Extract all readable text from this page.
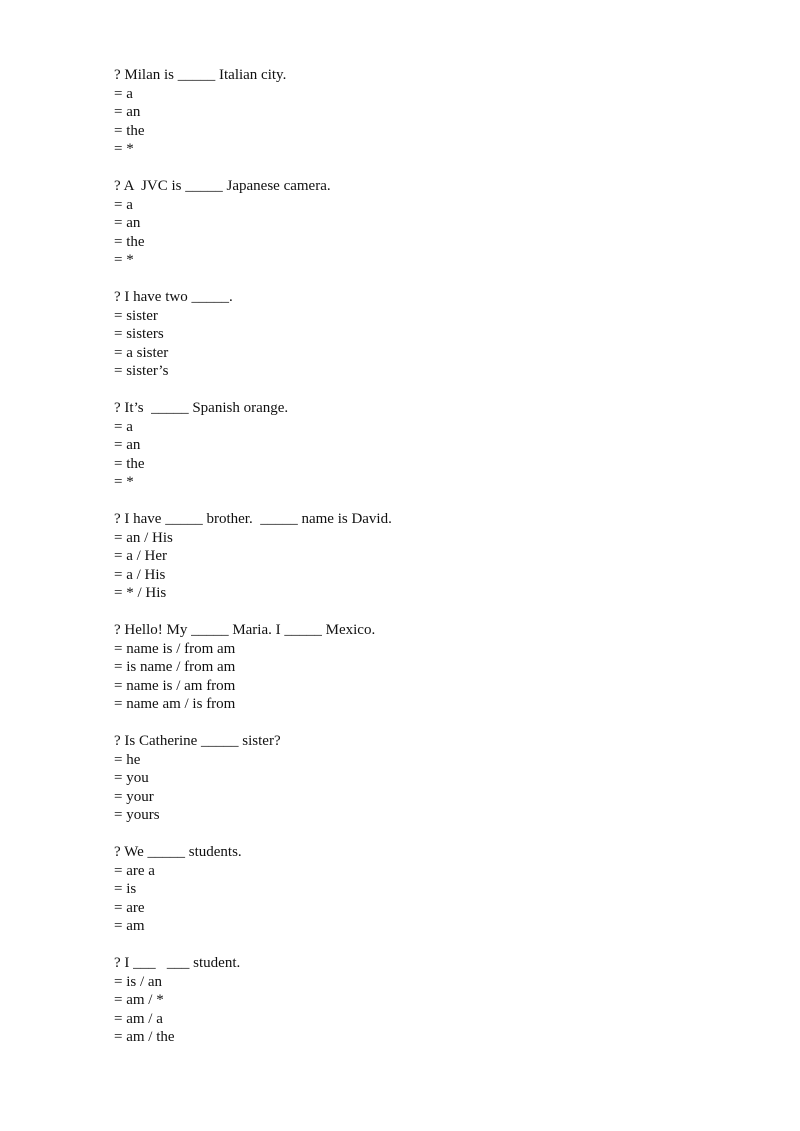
? Milan is _____ Italian city.

= a

= an

= the

= *

? A  JVC is _____ Japanese camera.

= a

= an

= the

= *

? I have two _____.

= sister

= sisters

= a sister

= sister’s

? It’s  _____ Spanish orange.

= a

= an

= the

= *

? I have _____ brother.  _____ name is David.

= an / His

= a / Her

= a / His

= * / His

? Hello! My _____ Maria. I _____ Mexico.

= name is / from am

= is name / from am

= name is / am from

= name am / is from

? Is Catherine _____ sister?

= he

= you

= your

= yours

? We _____ students.

= are a

= is

= are

= am

? I ___   ___ student.

= is / an

= am / *

= am / a

= am / the
